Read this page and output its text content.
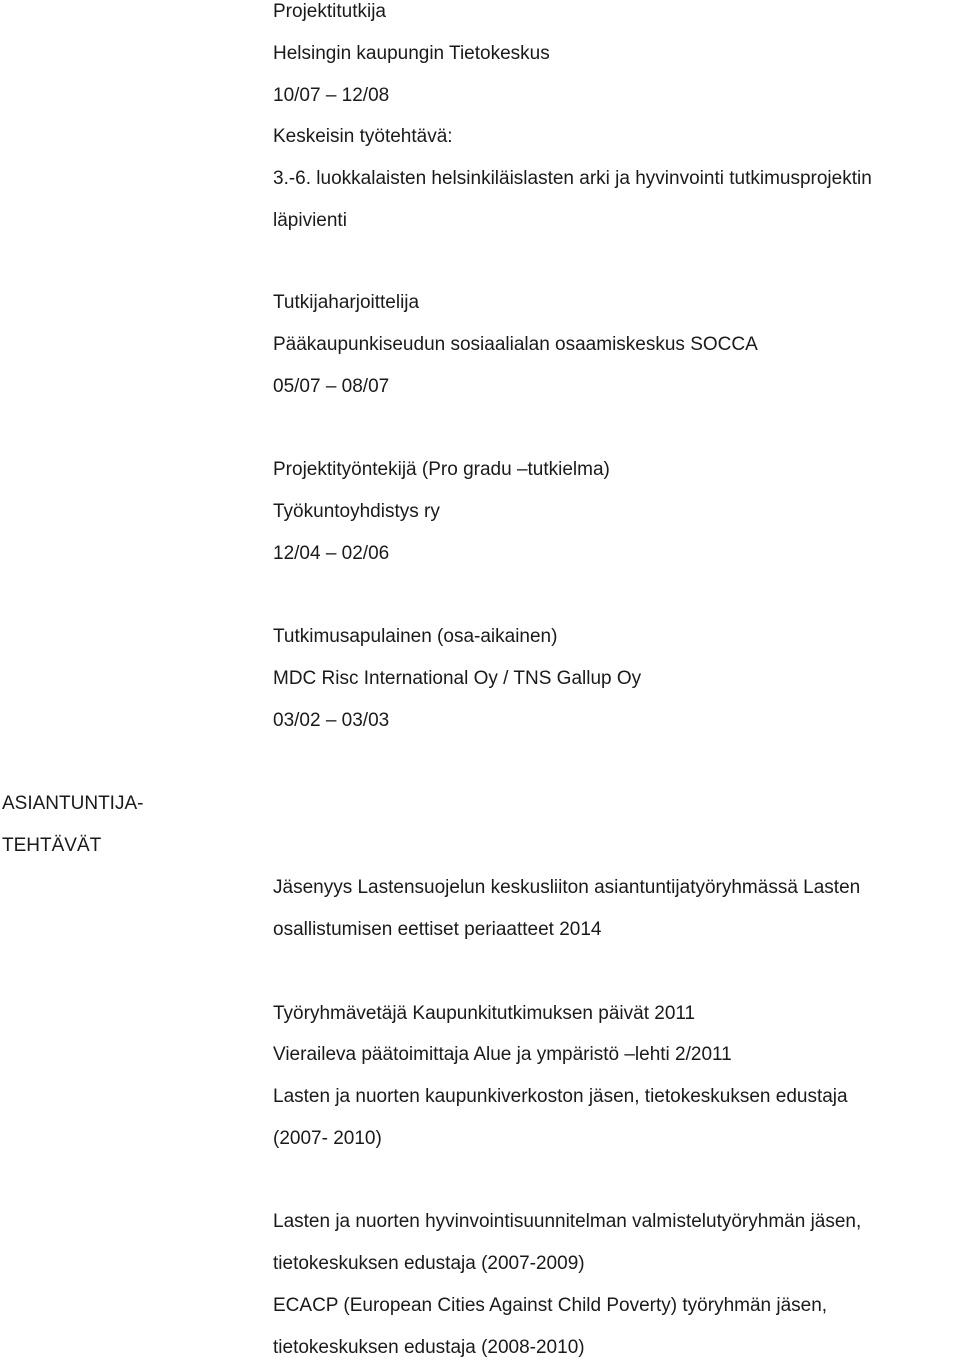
Projektitutkija
Helsingin kaupungin Tietokeskus
10/07 – 12/08
Keskeisin työtehtävä:
3.-6. luokkalaisten helsinkiläislasten arki ja hyvinvointi tutkimusprojektin
läpivienti
Tutkijaharjoittelija
Pääkaupunkiseudun sosiaalialan osaamiskeskus SOCCA
05/07 – 08/07
Projektityöntekijä (Pro gradu –tutkielma)
Työkuntoyhdistys ry
12/04 – 02/06
Tutkimusapulainen (osa-aikainen)
MDC Risc International Oy / TNS Gallup Oy
03/02 – 03/03
ASIANTUNTIJA-
TEHTÄVÄT
Jäsenyys Lastensuojelun keskusliiton asiantuntijatyöryhmässä Lasten
osallistumisen eettiset periaatteet 2014
Työryhmävetäjä Kaupunkitutkimuksen päivät 2011
Vieraileva päätoimittaja Alue ja ympäristö –lehti 2/2011
Lasten ja nuorten kaupunkiverkoston jäsen, tietokeskuksen edustaja
(2007- 2010)
Lasten ja nuorten hyvinvointisuunnitelman valmistelutyöryhmän jäsen,
tietokeskuksen edustaja (2007-2009)
ECACP (European Cities Against Child Poverty) työryhmän jäsen,
tietokeskuksen edustaja (2008-2010)
